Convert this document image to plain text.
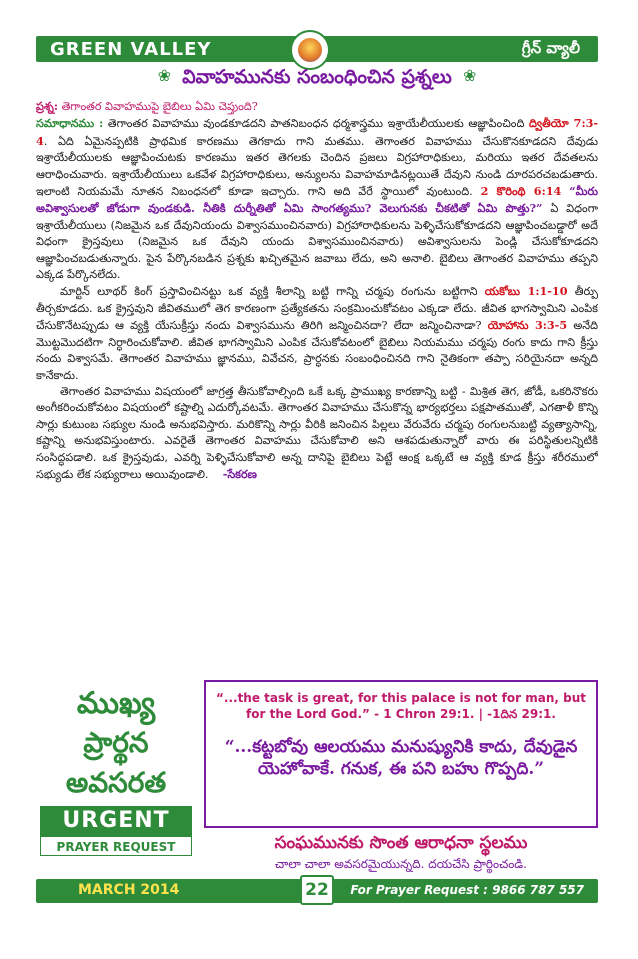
GREEN VALLEY	గ్రీన్ వ్యాలీ
❀ వివాహమునకు సంబంధించిన ప్రశ్నలు ❀

ప్రశ్న: తెగాంతర వివాహముపై బైబిలు ఏమి చెప్తుంది?

సమాధానము : తెగాంతర వివాహము వుండకూడదని పాతనిబంధన ధర్మశాస్త్రము ఇశ్రాయేలీయులకు ఆజ్ఞాపించింది ద్వితీయో 7:3-4. ఏది ఏమైనప్పటికి ప్రాథమిక కారణము తెగకాదు గాని మతము. తెగాంతర వివాహము చేసుకొనకూడదని దేవుడు ఇశ్రాయేలీయులకు ఆజ్ఞాపించుటకు కారణము ఇతర తెగలకు చెందిన ప్రజలు విగ్రహారాధికులు, మరియు ఇతర దేవతలను ఆరాధించువారు. ఇశ్రాయేలీయులు ఒకవేళ విగ్రహారాధికులు, అన్యులను వివాహమాడినట్లయితే దేవుని నుండి దూరపరచబడుతారు. ఇలాంటి నియమమే నూతన నిబంధనలో కూడా ఇచ్చారు. గాని అది వేరే స్థాయిలో వుంటుంది. 2 కొరింథి 6:14 “మీరు అవిశ్వాసులతో జోడుగా వుండకుడి. నీతికి దుర్నీతితో ఏమి సాంగత్యము? వెలుగునకు చీకటితో ఏమి పొత్తు?” ఏ విధంగా ఇశ్రాయేలీయులు (నిజమైన ఒక దేవునియందు విశ్వాసముంచినవారు) విగ్రహారాధికులను పెళ్ళిచేసుకోకూడదని ఆజ్ఞాపించబడ్డారో అదే విధంగా క్రైస్తవులు (నిజమైన ఒక దేవుని యందు విశ్వాసముంచినవారు) అవిశ్వాసులను పెండ్లి చేసుకోకూడదని ఆజ్ఞాపించబడుతున్నారు. పైన పేర్కొనబడిన ప్రశ్నకు ఖచ్చితమైన జవాబు లేదు, అని అనాలి. బైబిలు తెగాంతర వివాహము తప్పని ఎక్కడ పేర్కొనలేదు.

మార్టిన్ లూథర్ కింగ్ ప్రస్తావించినట్టు ఒక వ్యక్తి శీలాన్ని బట్టి గాన్ని చర్మపు రంగును బట్టిగాని యకోబు 1:1-10 తీర్పు తీర్చకూడదు. ఒక క్రైస్తవుని జీవితములో తెగ కారణంగా ప్రత్యేకతను సంక్రమించుకోవటం ఎక్కడా లేదు. జీవిత భాగస్వామిని ఎంపిక చేసుకొనేటప్పుడు ఆ వ్యక్తి యేసుక్రీస్తు నందు విశ్వాసమును తిరిగి జన్మించినదా? లేదా జన్మించినాడా? యోహాను 3:3-5 అనేది మొట్టమొదటిగా నిర్ధారించుకోవాలి. జీవిత భాగస్వామిని ఎంపిక చేసుకోవటంలో బైబిలు నియమము చర్మపు రంగు కాదు గాని క్రీస్తు నందు విశ్వాసమే. తెగాంతర వివాహము జ్ఞానము, వివేచన, ప్రార్ధనకు సంబంధించినది గాని నైతికంగా తప్పా సరియైనదా అన్నది కానేకాదు.

తెగాంతర వివాహము విషయంలో జాగ్రత్త తీసుకోవాల్సింది ఒకే ఒక్క ప్రాముఖ్య కారణాన్ని బట్టి - మిశ్రిత తెగ, జోడీ, ఒకరినొకరు అంగీకరించుకోవటం విషయంలో కష్టాల్ని ఎదుర్కోవటమే. తెగాంతర వివాహము చేసుకొన్న భార్యభర్తలు పక్షపాతముతో, ఎగతాళీ కొన్ని సార్లు కుటుంబ సభ్యుల నుండి అనుభవిస్తారు. మరికొన్ని సార్లు వీరికి జనించిన పిల్లలు వేరువేరు చర్మపు రంగులనుబట్టి వ్యత్యాసాన్ని, కష్టాన్ని అనుభవిస్తుంటారు. ఎవరైతే తెగాంతర వివాహము చేసుకోవాలి అని ఆశపడుతున్నారో వారు ఈ పరిస్థితులన్నిటికి సంసిద్ధపడాలి. ఒక క్రైస్తవుడు, ఎవర్ని పెళ్ళిచేసుకోవాలి అన్న దానిపై బైబిలు పెట్టే ఆంక్ష ఒక్కటే ఆ వ్యక్తి కూడ క్రీస్తు శరీరములో సభ్యుడు లేక సభ్యురాలు అయివుండాలి. -సేకరణ

ముఖ్య
ప్రార్థన
అవసరత
URGENT
PRAYER REQUEST
“...the task is great, for this palace is not for man, but for the Lord God.” - 1 Chron 29:1. | -1దిన 29:1.
“...కట్టబోవు ఆలయము మనుష్యునికి కాదు, దేవుడైన యెహోవాకే. గనుక, ఈ పని బహు గొప్పది.”
సంఘమునకు సొంత ఆరాధనా స్థలము
చాలా చాలా అవసరమైయున్నది. దయచేసి ప్రార్థించండి.
MARCH 2014	22	For Prayer Request : 9866 787 557
